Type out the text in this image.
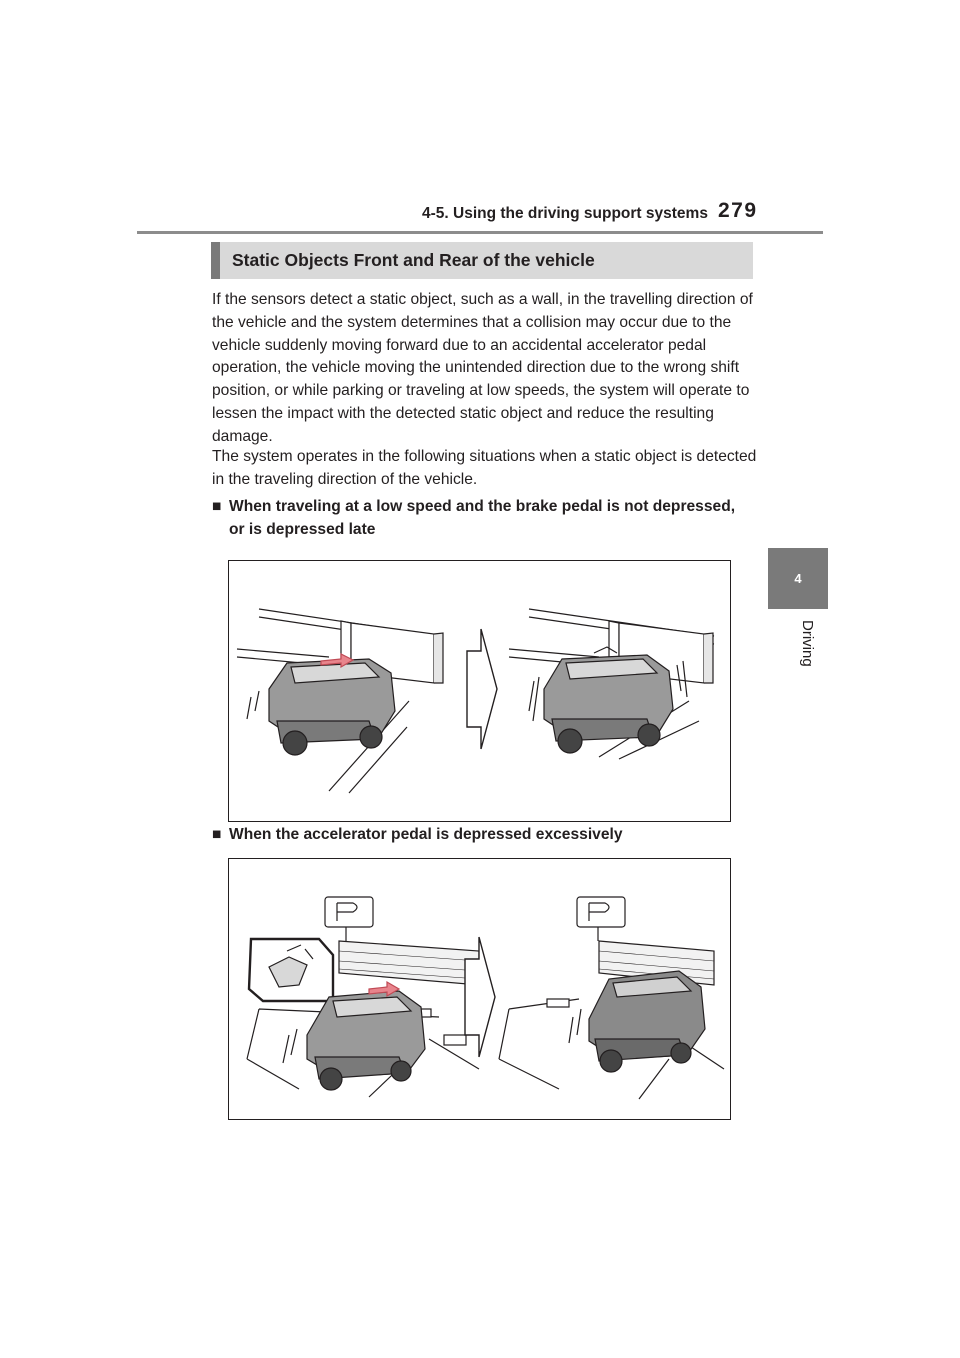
4-5. Using the driving support systems 279
4
Driving
Static Objects Front and Rear of the vehicle

If the sensors detect a static object, such as a wall, in the travelling direction of the vehicle and the system determines that a collision may occur due to the vehicle suddenly moving forward due to an accidental accelerator pedal operation, the vehicle moving the unintended direction due to the wrong shift position, or while parking or traveling at low speeds, the system will operate to lessen the impact with the detected static object and reduce the resulting damage.

The system operates in the following situations when a static object is detected in the traveling direction of the vehicle.

■ When traveling at a low speed and the brake pedal is not depressed, or is depressed late
■ When the accelerator pedal is depressed excessively
